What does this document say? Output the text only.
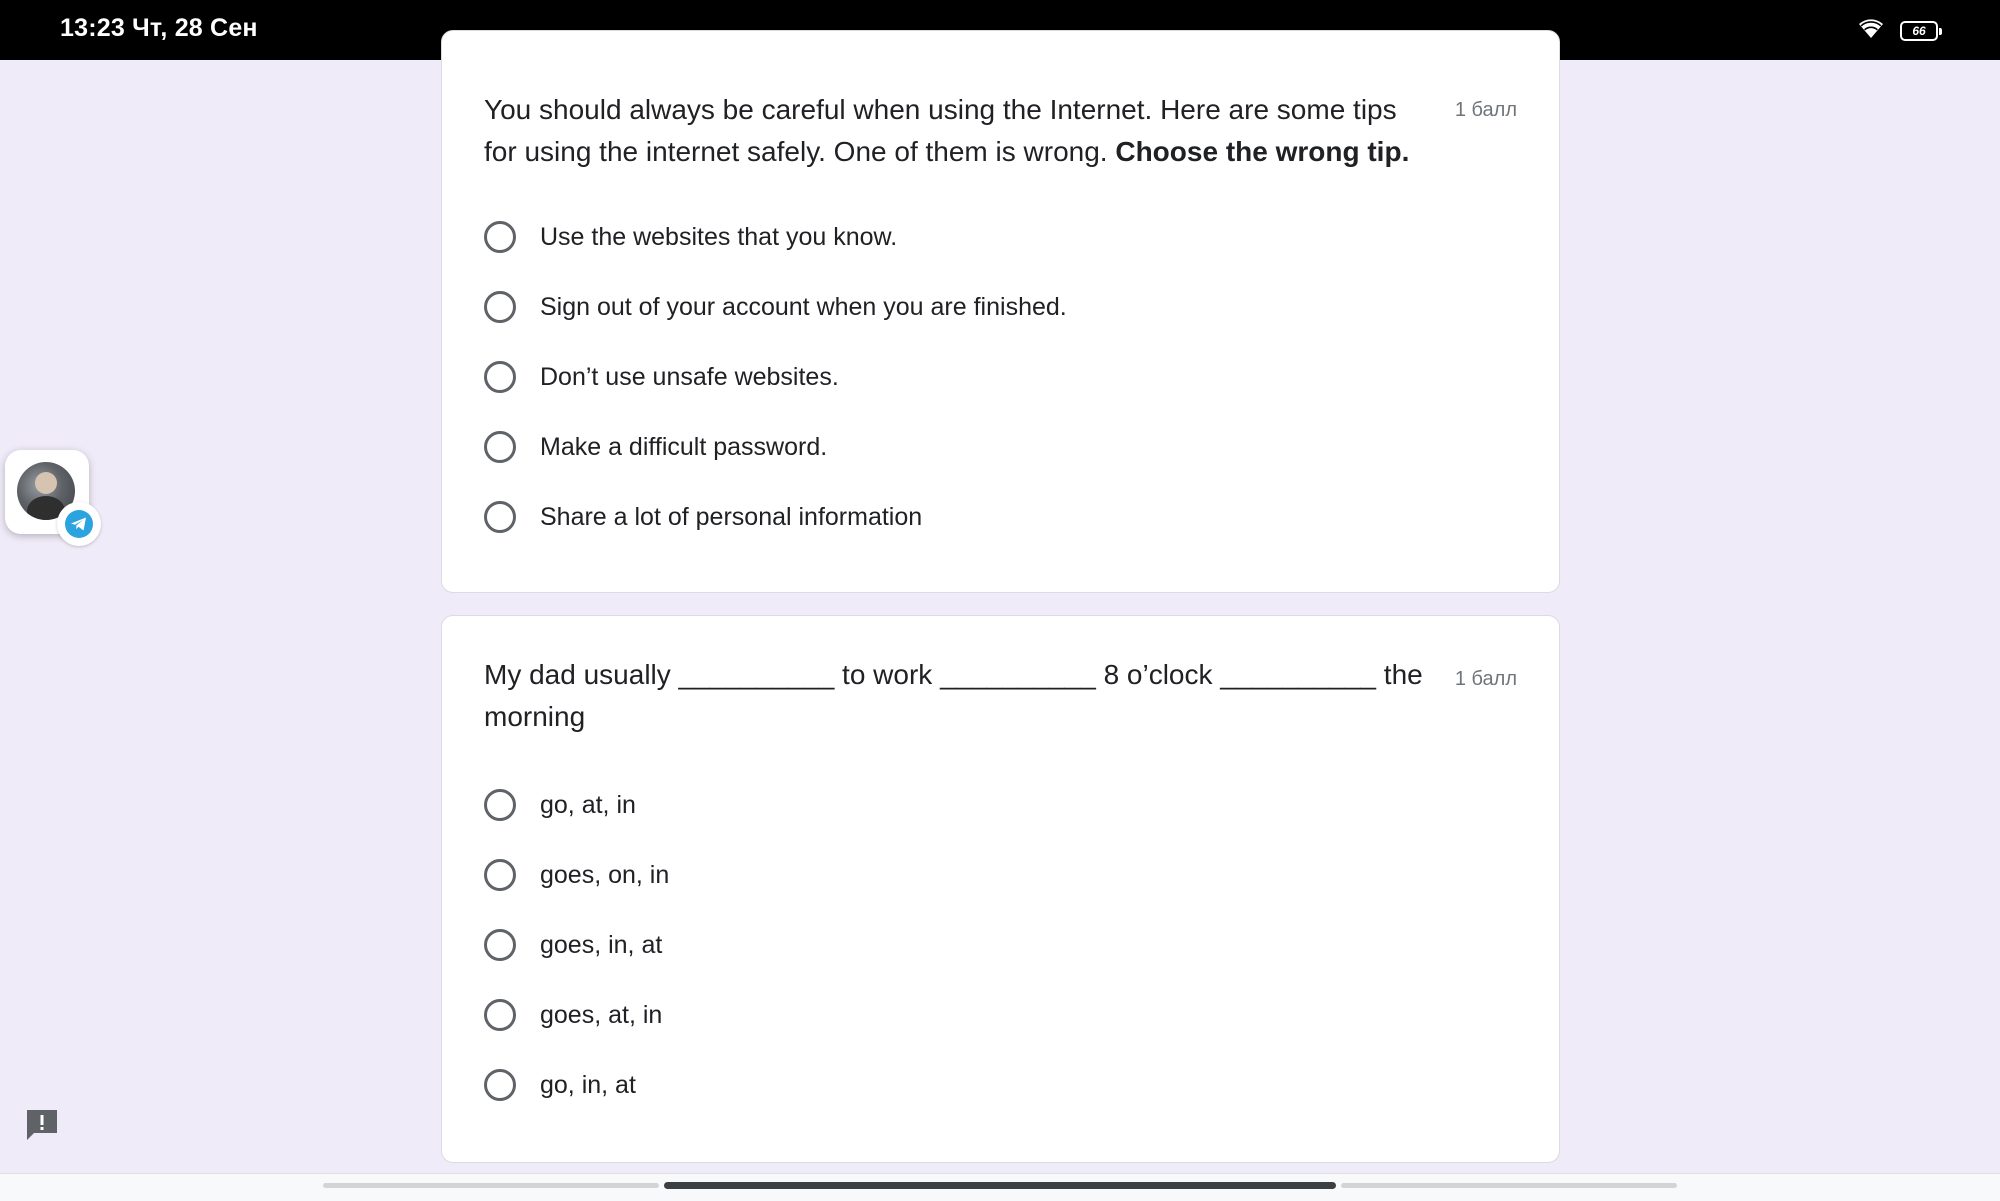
13:23 Чт, 28 Сен	66
You should always be careful when using the Internet. Here are some tips for using the internet safely. One of them is wrong. Choose the wrong tip.
1 балл
Use the websites that you know.
Sign out of your account when you are finished.
Don’t use unsafe websites.
Make a difficult password.
Share a lot of personal information
My dad usually __________ to work __________ 8 o’clock __________ the morning
1 балл
go, at, in
goes, on, in
goes, in, at
goes, at, in
go, in, at
